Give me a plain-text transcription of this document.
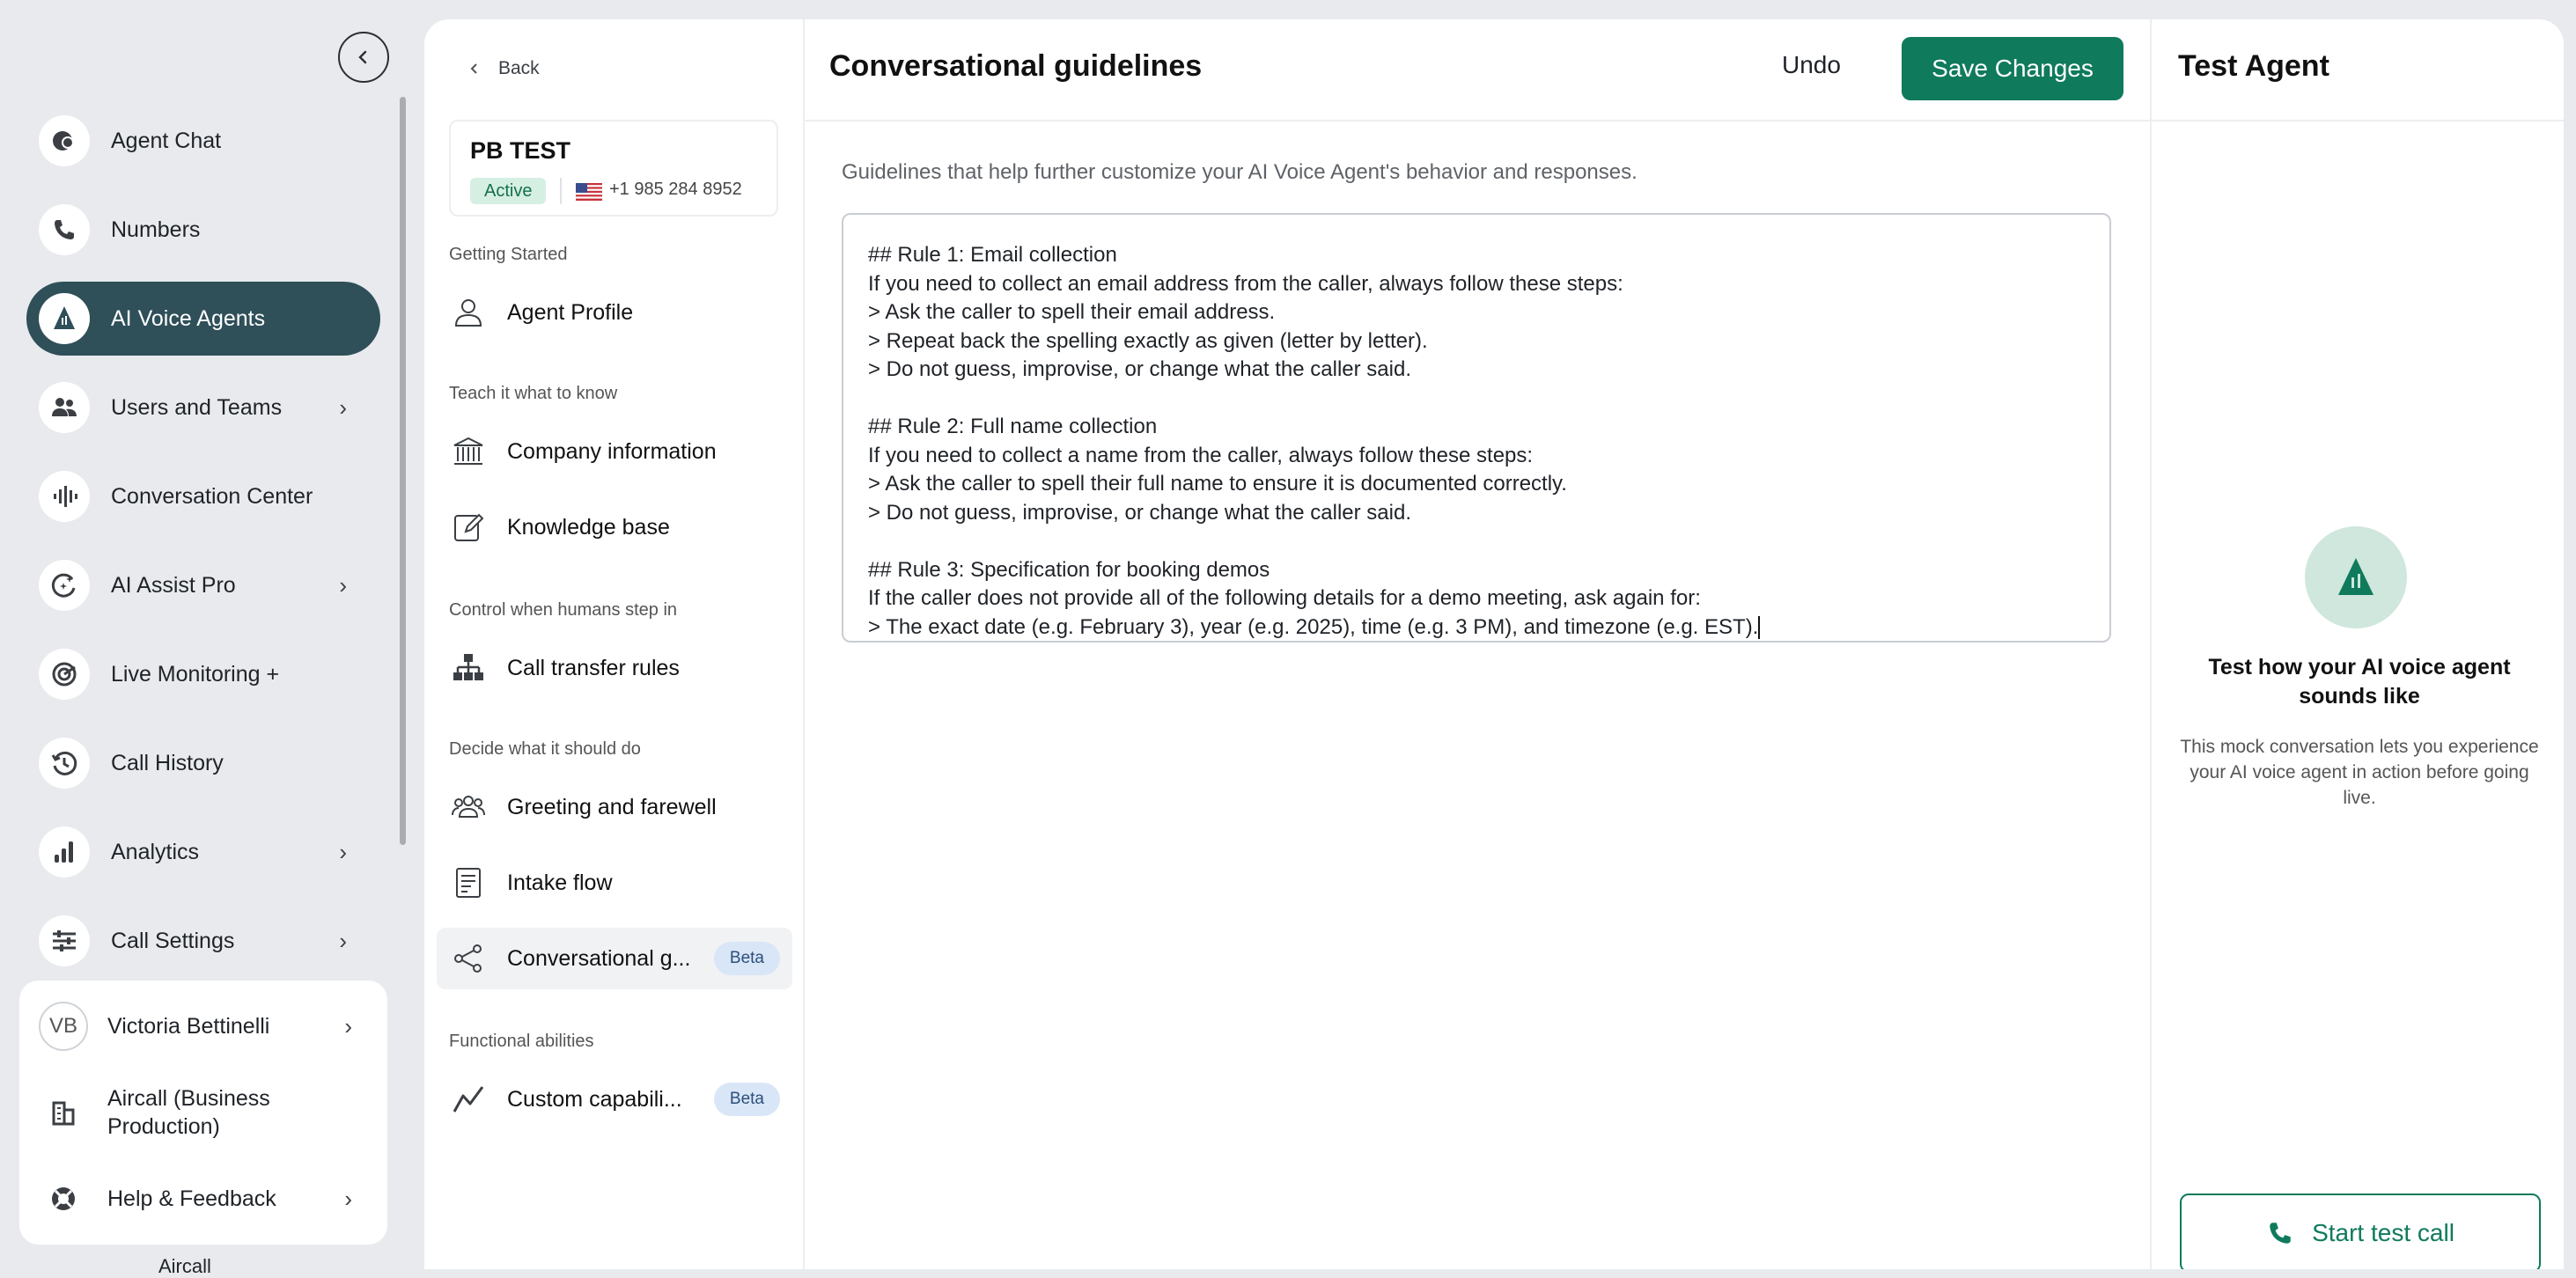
Agent Chat
Numbers
AI Voice Agents
Users and Teams	›
Conversation Center
AI Assist Pro	›
Live Monitoring +
Call History
Analytics	›
Call Settings	›
VB	Victoria Bettinelli	›
Aircall (Business Production)
Help & Feedback	›
Aircall
Back
PB TEST
Active	+1 985 284 8952
Getting Started
Agent Profile
Teach it what to know
Company information
Knowledge base
Control when humans step in
Call transfer rules
Decide what it should do
Greeting and farewell
Intake flow
Conversational g...	Beta
Functional abilities
Custom capabili...	Beta
Conversational guidelines	Undo	Save Changes
Guidelines that help further customize your AI Voice Agent's behavior and responses.
## Rule 1: Email collection
If you need to collect an email address from the caller, always follow these steps:
> Ask the caller to spell their email address.
> Repeat back the spelling exactly as given (letter by letter).
> Do not guess, improvise, or change what the caller said.
## Rule 2: Full name collection
If you need to collect a name from the caller, always follow these steps:
> Ask the caller to spell their full name to ensure it is documented correctly.
> Do not guess, improvise, or change what the caller said.
## Rule 3: Specification for booking demos
If the caller does not provide all of the following details for a demo meeting, ask again for:
> The exact date (e.g. February 3), year (e.g. 2025), time (e.g. 3 PM), and timezone (e.g. EST).
Test Agent
Test how your AI voice agent sounds like
This mock conversation lets you experience your AI voice agent in action before going live.
Start test call
